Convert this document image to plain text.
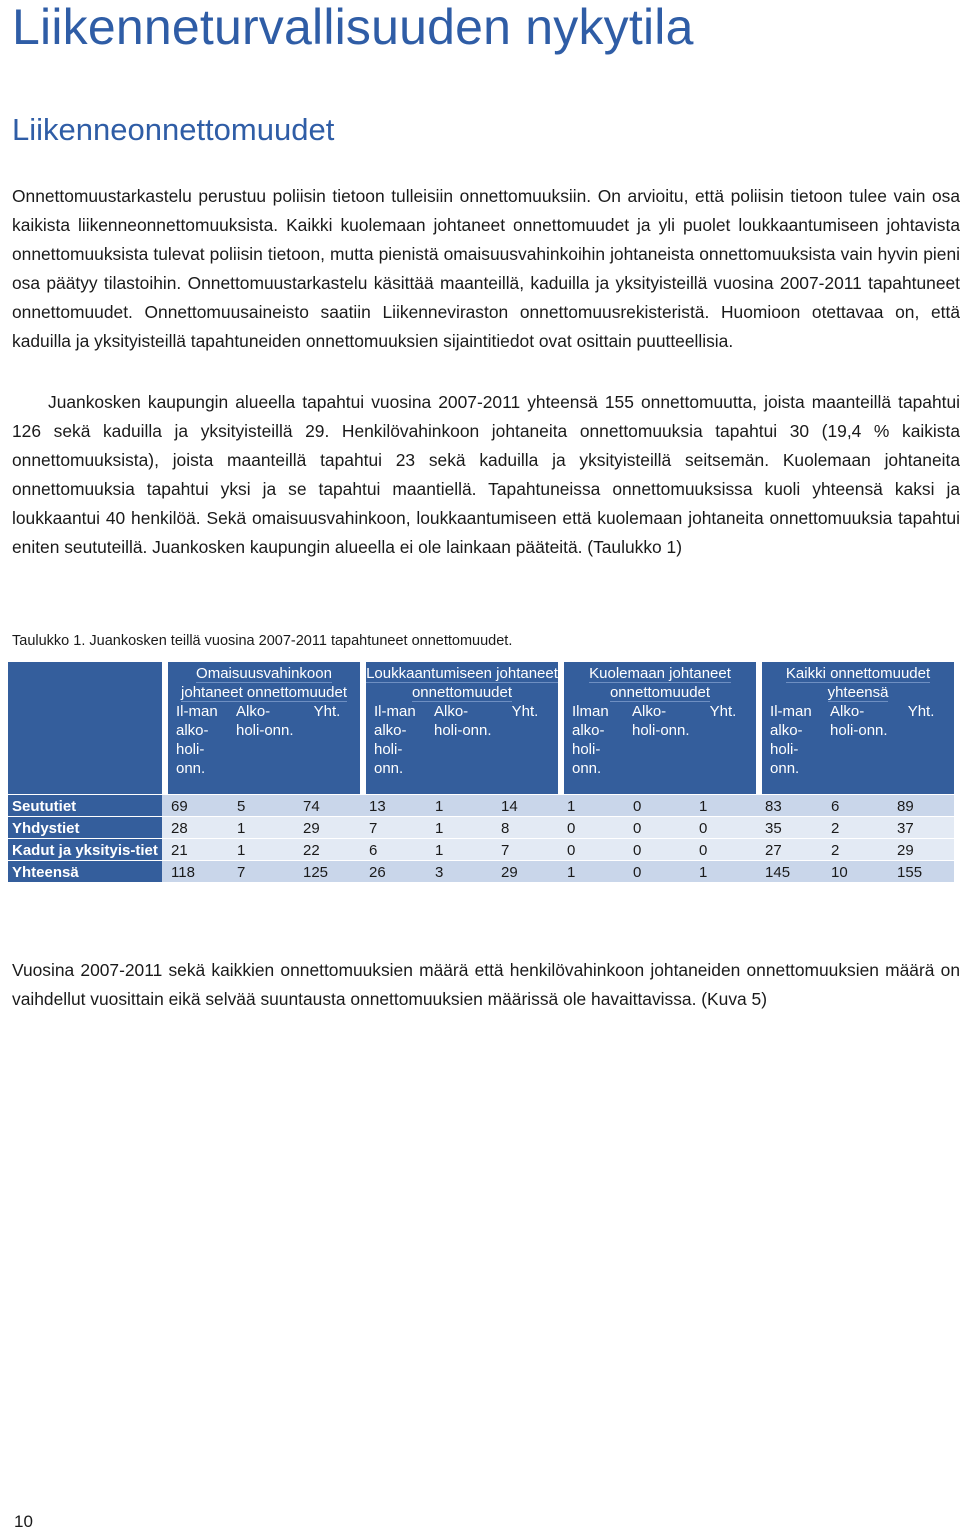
Liikenneturvallisuuden nykytila
Liikenneonnettomuudet

Onnettomuustarkastelu perustuu poliisin tietoon tulleisiin onnettomuuksiin. On arvioitu, että poliisin tietoon tulee vain osa kaikista liikenneonnettomuuksista. Kaikki kuolemaan johtaneet onnettomuudet ja yli puolet loukkaantumiseen johtavista onnettomuuksista tulevat poliisin tietoon, mutta pienistä omaisuusvahinkoihin johtaneista onnettomuuksista vain hyvin pieni osa päätyy tilastoihin. Onnettomuustarkastelu käsittää maanteillä, kaduilla ja yksityisteillä vuosina 2007-2011 tapahtuneet onnettomuudet. Onnettomuusaineisto saatiin Liikenneviraston onnettomuusrekisteristä. Huomioon otettavaa on, että kaduilla ja yksityisteillä tapahtuneiden onnettomuuksien sijaintitiedot ovat osittain puutteellisia.

Juankosken kaupungin alueella tapahtui vuosina 2007-2011 yhteensä 155 onnettomuutta, joista maanteillä tapahtui 126 sekä kaduilla ja yksityisteillä 29. Henkilövahinkoon johtaneita onnettomuuksia tapahtui 30 (19,4 % kaikista onnettomuuksista), joista maanteillä tapahtui 23 sekä kaduilla ja yksityisteillä seitsemän. Kuolemaan johtaneita onnettomuuksia tapahtui yksi ja se tapahtui maantiellä. Tapahtuneissa onnettomuuksissa kuoli yhteensä kaksi ja loukkaantui 40 henkilöä. Sekä omaisuusvahinkoon, loukkaantumiseen että kuolemaan johtaneita onnettomuuksia tapahtui eniten seututeillä. Juankosken kaupungin alueella ei ole lainkaan pääteitä. (Taulukko 1)

Taulukko 1. Juankosken teillä vuosina 2007-2011 tapahtuneet onnettomuudet.

	Omaisuusvahinkoon johtaneet onnettomuudet			Loukkaantumiseen johtaneet onnettomuudet			Kuolemaan johtaneet onnettomuudet			Kaikki onnettomuudet yhteensä		
	Il-man alko-holi-onn.	Alko-holi-onn.	Yht.	Il-man alko-holi-onn.	Alko-holi-onn.	Yht.	Ilman alko-holi-onn.	Alko-holi-onn.	Yht.	Il-man alko-holi-onn.	Alko-holi-onn.	Yht.
Seututiet	69	5	74	13	1	14	1	0	1	83	6	89
Yhdystiet	28	1	29	7	1	8	0	0	0	35	2	37
Kadut ja yksityis-tiet	21	1	22	6	1	7	0	0	0	27	2	29
Yhteensä	118	7	125	26	3	29	1	0	1	145	10	155

Vuosina 2007-2011 sekä kaikkien onnettomuuksien määrä että henkilövahinkoon johtaneiden onnettomuuksien määrä on vaihdellut vuosittain eikä selvää suuntausta onnettomuuksien määrissä ole havaittavissa. (Kuva 5)

10
